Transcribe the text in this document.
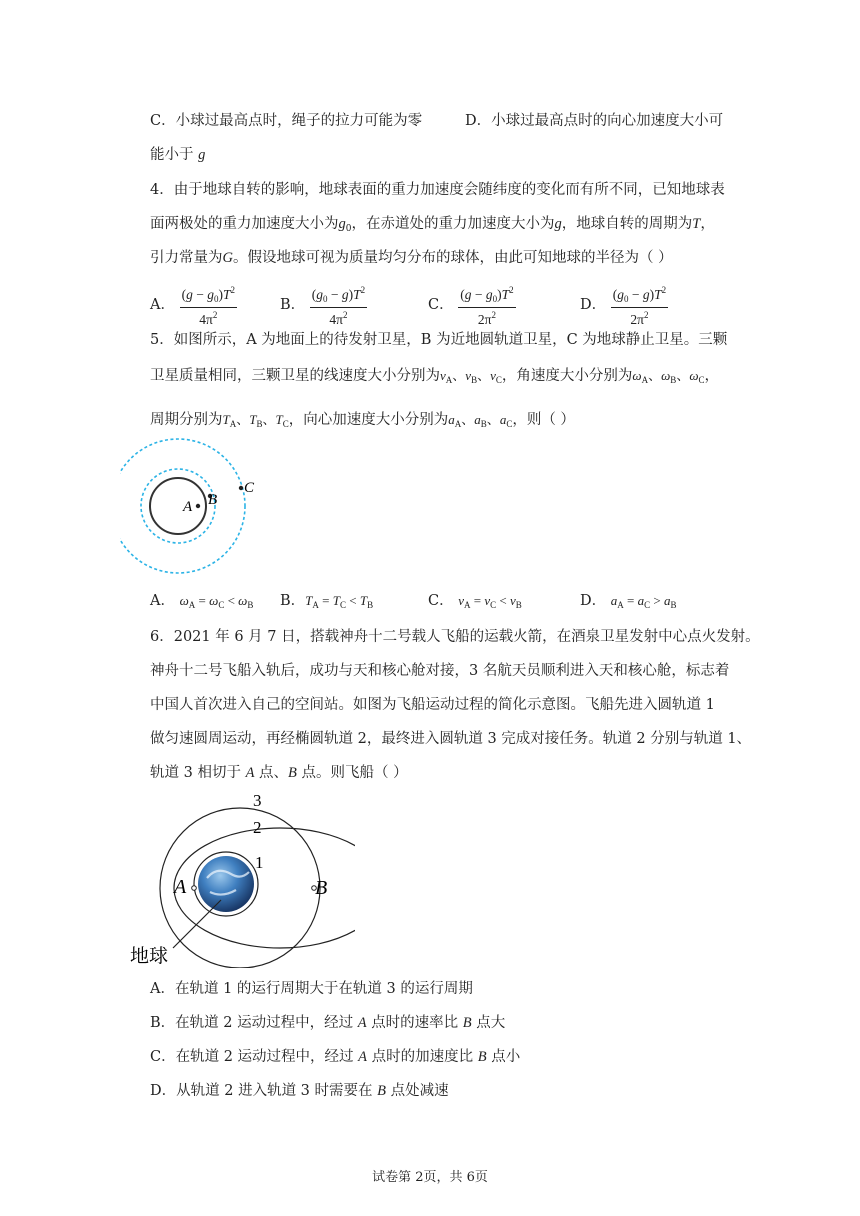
C．小球过最高点时，绳子的拉力可能为零	D．小球过最高点时的向心加速度大小可
能小于 g
4．由于地球自转的影响，地球表面的重力加速度会随纬度的变化而有所不同，已知地球表
面两极处的重力加速度大小为$g_0$，在赤道处的重力加速度大小为g，地球自转的周期为T，
引力常量为G。假设地球可视为质量均匀分布的球体，由此可知地球的半径为（ ）
A． $\frac{(g - g_0)T^2}{4\pi^2}$	B． $\frac{(g_0 - g)T^2}{4\pi^2}$	C． $\frac{(g - g_0)T^2}{2\pi^2}$	D． $\frac{(g_0 - g)T^2}{2\pi^2}$
5．如图所示，A 为地面上的待发射卫星，B 为近地圆轨道卫星，C 为地球静止卫星。三颗
卫星质量相同，三颗卫星的线速度大小分别为$v_A$、$v_B$、$v_C$，角速度大小分别为$\omega_A$、$\omega_B$、$\omega_C$，
周期分别为$T_A$、$T_B$、$T_C$，向心加速度大小分别为$a_A$、$a_B$、$a_C$，则（ ）
A B
C
A． $\omega_A = \omega_C < \omega_B$ B．$T_A = T_C < T_B$	C． $v_A = v_C < v_B$	D． $a_A = a_C > a_B$
6．2021 年 6 月 7 日，搭载神舟十二号载人飞船的运载火箭，在酒泉卫星发射中心点火发射。
神舟十二号飞船入轨后，成功与天和核心舱对接，3 名航天员顺利进入天和核心舱，标志着
中国人首次进入自己的空间站。如图为飞船运动过程的简化示意图。飞船先进入圆轨道 1
做匀速圆周运动，再经椭圆轨道 2，最终进入圆轨道 3 完成对接任务。轨道 2 分别与轨道 1、
轨道 3 相切于 A 点、B 点。则飞船（ ）
3
2
1
A	B
地球
A．在轨道 1 的运行周期大于在轨道 3 的运行周期
B．在轨道 2 运动过程中，经过 A 点时的速率比 B 点大
C．在轨道 2 运动过程中，经过 A 点时的加速度比 B 点小
D．从轨道 2 进入轨道 3 时需要在 B 点处减速
试卷第 2页，共 6页
